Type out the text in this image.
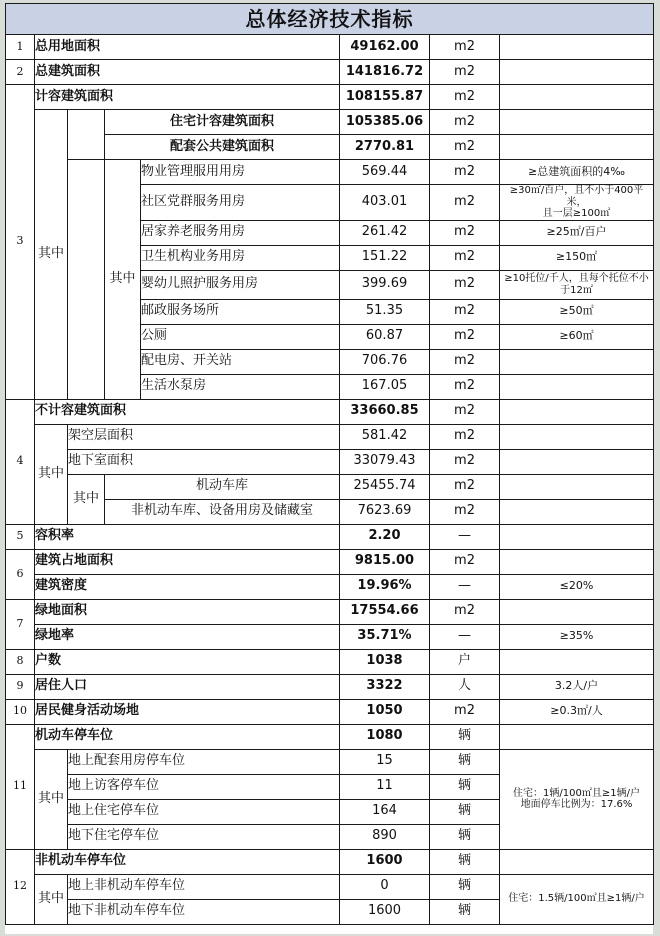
总体经济技术指标							
1	总用地面积				49162.00	m2	
2	总建筑面积				141816.72	m2	
3	计容建筑面积				108155.87	m2	
	其中		住宅计容建筑面积		105385.06	m2	
			配套公共建筑面积		2770.81	m2	
			其中	物业管理服用用房	569.44	m2	≥总建筑面积的4‰
				社区党群服务用房	403.01	m2	≥30㎡/百户，且不小于400平米，
且一层≥100㎡

				居家养老服务用房	261.42	m2	≥25㎡/百户
				卫生机构业务用房	151.22	m2	≥150㎡
				婴幼儿照护服务用房	399.69	m2	≥10托位/千人，且每个托位不小
于12㎡

				邮政服务场所	51.35	m2	≥50㎡
				公厕	60.87	m2	≥60㎡
				配电房、开关站	706.76	m2	
				生活水泵房	167.05	m2	
4	不计容建筑面积				33660.85	m2	
	其中	架空层面积			581.42	m2	
		地下室面积			33079.43	m2	
		其中	机动车库		25455.74	m2	
			非机动车库、设备用房及储藏室		7623.69	m2	
5	容积率				2.20	—	
6	建筑占地面积				9815.00	m2	
	建筑密度				19.96%	—	≤20%
7	绿地面积				17554.66	m2	
	绿地率				35.71%	—	≥35%
8	户数				1038	户	
9	居住人口				3322	人	3.2人/户
10	居民健身活动场地				1050	m2	≥0.3㎡/人
11	机动车停车位				1080	辆	
	其中	地上配套用房停车位			15	辆	住宅：1辆/100㎡且≥1辆/户
地面停车比例为：17.6%

		地上访客停车位			11	辆	
		地上住宅停车位			164	辆	
		地下住宅停车位			890	辆	
12	非机动车停车位				1600	辆	
	其中	地上非机动车停车位			0	辆	住宅：1.5辆/100㎡且≥1辆/户
		地下非机动车停车位			1600	辆	
